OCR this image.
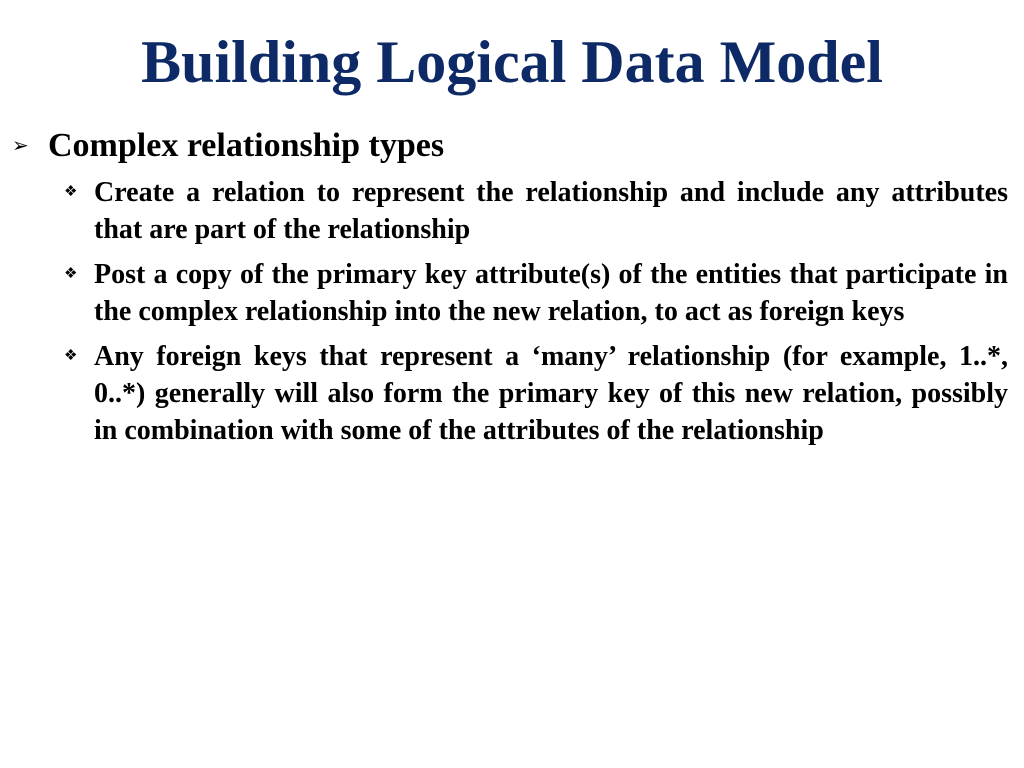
Building Logical Data Model
➢ Complex relationship types
❖ Create a relation to represent the relationship and include any attributes that are part of the relationship
❖ Post a copy of the primary key attribute(s) of the entities that participate in the complex relationship into the new relation, to act as foreign keys
❖ Any foreign keys that represent a ‘many’ relationship (for example, 1..*, 0..*) generally will also form the primary key of this new relation, possibly in combination with some of the attributes of the relationship
